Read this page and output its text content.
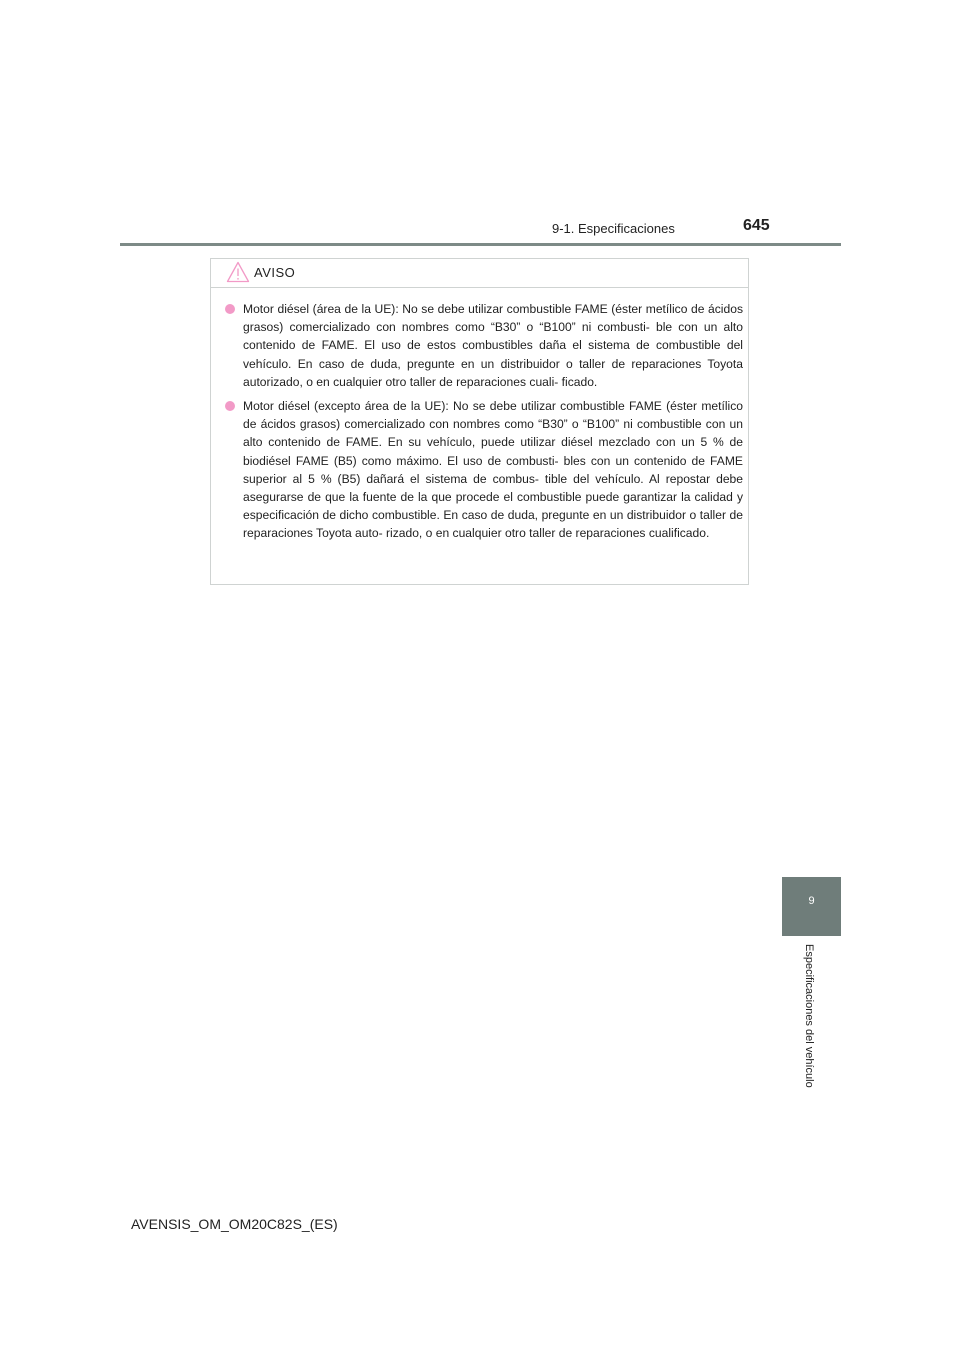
9-1. Especificaciones	645
AVISO
Motor diésel (área de la UE): No se debe utilizar combustible FAME (éster metílico de ácidos grasos) comercializado con nombres como “B30” o “B100” ni combusti- ble con un alto contenido de FAME. El uso de estos combustibles daña el sistema de combustible del vehículo. En caso de duda, pregunte en un distribuidor o taller de reparaciones Toyota autorizado, o en cualquier otro taller de reparaciones cuali- ficado.
Motor diésel (excepto área de la UE): No se debe utilizar combustible FAME (éster metílico de ácidos grasos) comercializado con nombres como “B30” o “B100” ni combustible con un alto contenido de FAME. En su vehículo, puede utilizar diésel mezclado con un 5 % de biodiésel FAME (B5) como máximo. El uso de combusti- bles con un contenido de FAME superior al 5 % (B5) dañará el sistema de combus- tible del vehículo. Al repostar debe asegurarse de que la fuente de la que procede el combustible puede garantizar la calidad y especificación de dicho combustible. En caso de duda, pregunte en un distribuidor o taller de reparaciones Toyota auto- rizado, o en cualquier otro taller de reparaciones cualificado.
9
Especificaciones del vehículo
AVENSIS_OM_OM20C82S_(ES)
